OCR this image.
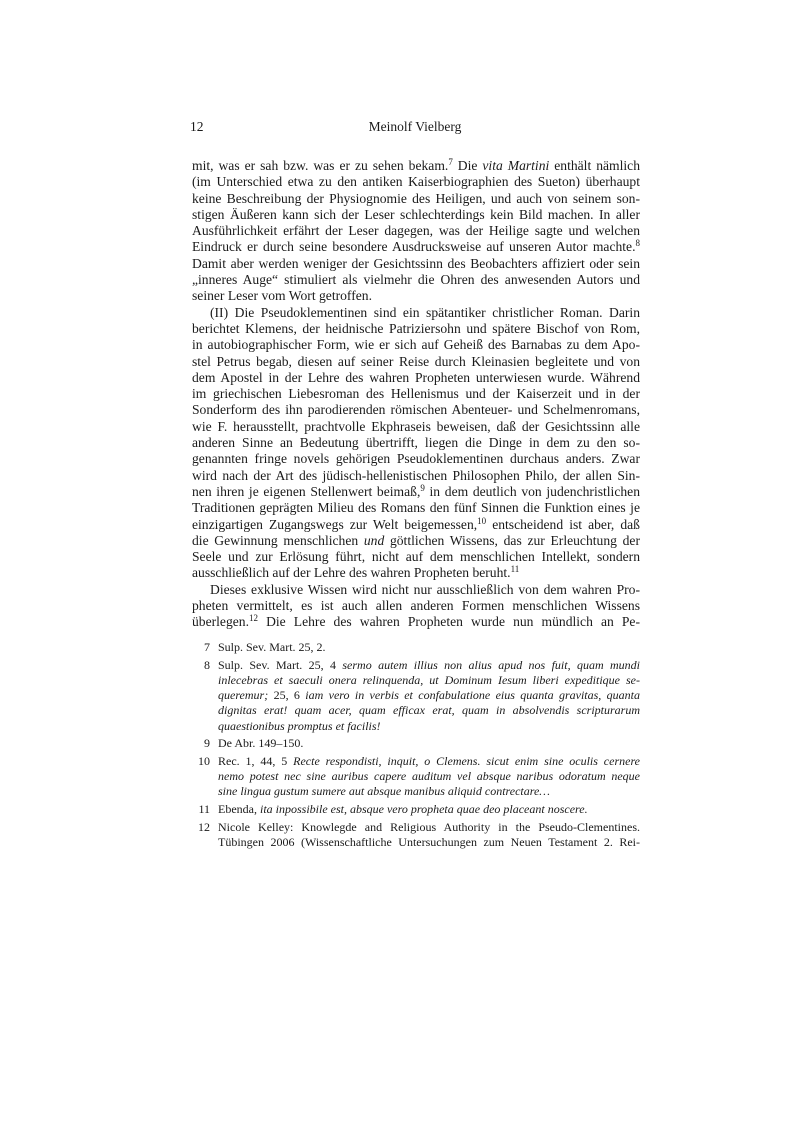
12	Meinolf Vielberg
mit, was er sah bzw. was er zu sehen bekam.$^7$ Die vita Martini enthält nämlich
(im Unterschied etwa zu den antiken Kaiserbiographien des Sueton) überhaupt
keine Beschreibung der Physiognomie des Heiligen, und auch von seinem son-
stigen Äußeren kann sich der Leser schlechterdings kein Bild machen. In aller
Ausführlichkeit erfährt der Leser dagegen, was der Heilige sagte und welchen
Eindruck er durch seine besondere Ausdrucksweise auf unseren Autor machte.$^8$
Damit aber werden weniger der Gesichtssinn des Beobachters affiziert oder sein
„inneres Auge“ stimuliert als vielmehr die Ohren des anwesenden Autors und
seiner Leser vom Wort getroffen.
(II) Die Pseudoklementinen sind ein spätantiker christlicher Roman. Darin
berichtet Klemens, der heidnische Patriziersohn und spätere Bischof von Rom,
in autobiographischer Form, wie er sich auf Geheiß des Barnabas zu dem Apo-
stel Petrus begab, diesen auf seiner Reise durch Kleinasien begleitete und von
dem Apostel in der Lehre des wahren Propheten unterwiesen wurde. Während
im griechischen Liebesroman des Hellenismus und der Kaiserzeit und in der
Sonderform des ihn parodierenden römischen Abenteuer- und Schelmenromans,
wie F. herausstellt, prachtvolle Ekphraseis beweisen, daß der Gesichtssinn alle
anderen Sinne an Bedeutung übertrifft, liegen die Dinge in dem zu den so-
genannten fringe novels gehörigen Pseudoklementinen durchaus anders. Zwar
wird nach der Art des jüdisch-hellenistischen Philosophen Philo, der allen Sin-
nen ihren je eigenen Stellenwert beimaß,$^9$ in dem deutlich von judenchristlichen
Traditionen geprägten Milieu des Romans den fünf Sinnen die Funktion eines je
einzigartigen Zugangswegs zur Welt beigemessen,$^{10}$ entscheidend ist aber, daß
die Gewinnung menschlichen und göttlichen Wissens, das zur Erleuchtung der
Seele und zur Erlösung führt, nicht auf dem menschlichen Intellekt, sondern
ausschließlich auf der Lehre des wahren Propheten beruht.$^{11}$
Dieses exklusive Wissen wird nicht nur ausschließlich von dem wahren Pro-
pheten vermittelt, es ist auch allen anderen Formen menschlichen Wissens
überlegen.$^{12}$ Die Lehre des wahren Propheten wurde nun mündlich an Pe-
7 Sulp. Sev. Mart. 25, 2.
8 Sulp. Sev. Mart. 25, 4 sermo autem illius non alius apud nos fuit, quam mundi
inlecebras et saeculi onera relinquenda, ut Dominum Iesum liberi expeditique se-
queremur; 25, 6 iam vero in verbis et confabulatione eius quanta gravitas, quanta
dignitas erat! quam acer, quam efficax erat, quam in absolvendis scripturarum
quaestionibus promptus et facilis!
9 De Abr. 149–150.
10 Rec. 1, 44, 5 Recte respondisti, inquit, o Clemens. sicut enim sine oculis cernere
nemo potest nec sine auribus capere auditum vel absque naribus odoratum neque
sine lingua gustum sumere aut absque manibus aliquid contrectare…
11 Ebenda, ita inpossibile est, absque vero propheta quae deo placeant noscere.
12 Nicole Kelley: Knowlegde and Religious Authority in the Pseudo-Clementines.
Tübingen 2006 (Wissenschaftliche Untersuchungen zum Neuen Testament 2. Rei-
